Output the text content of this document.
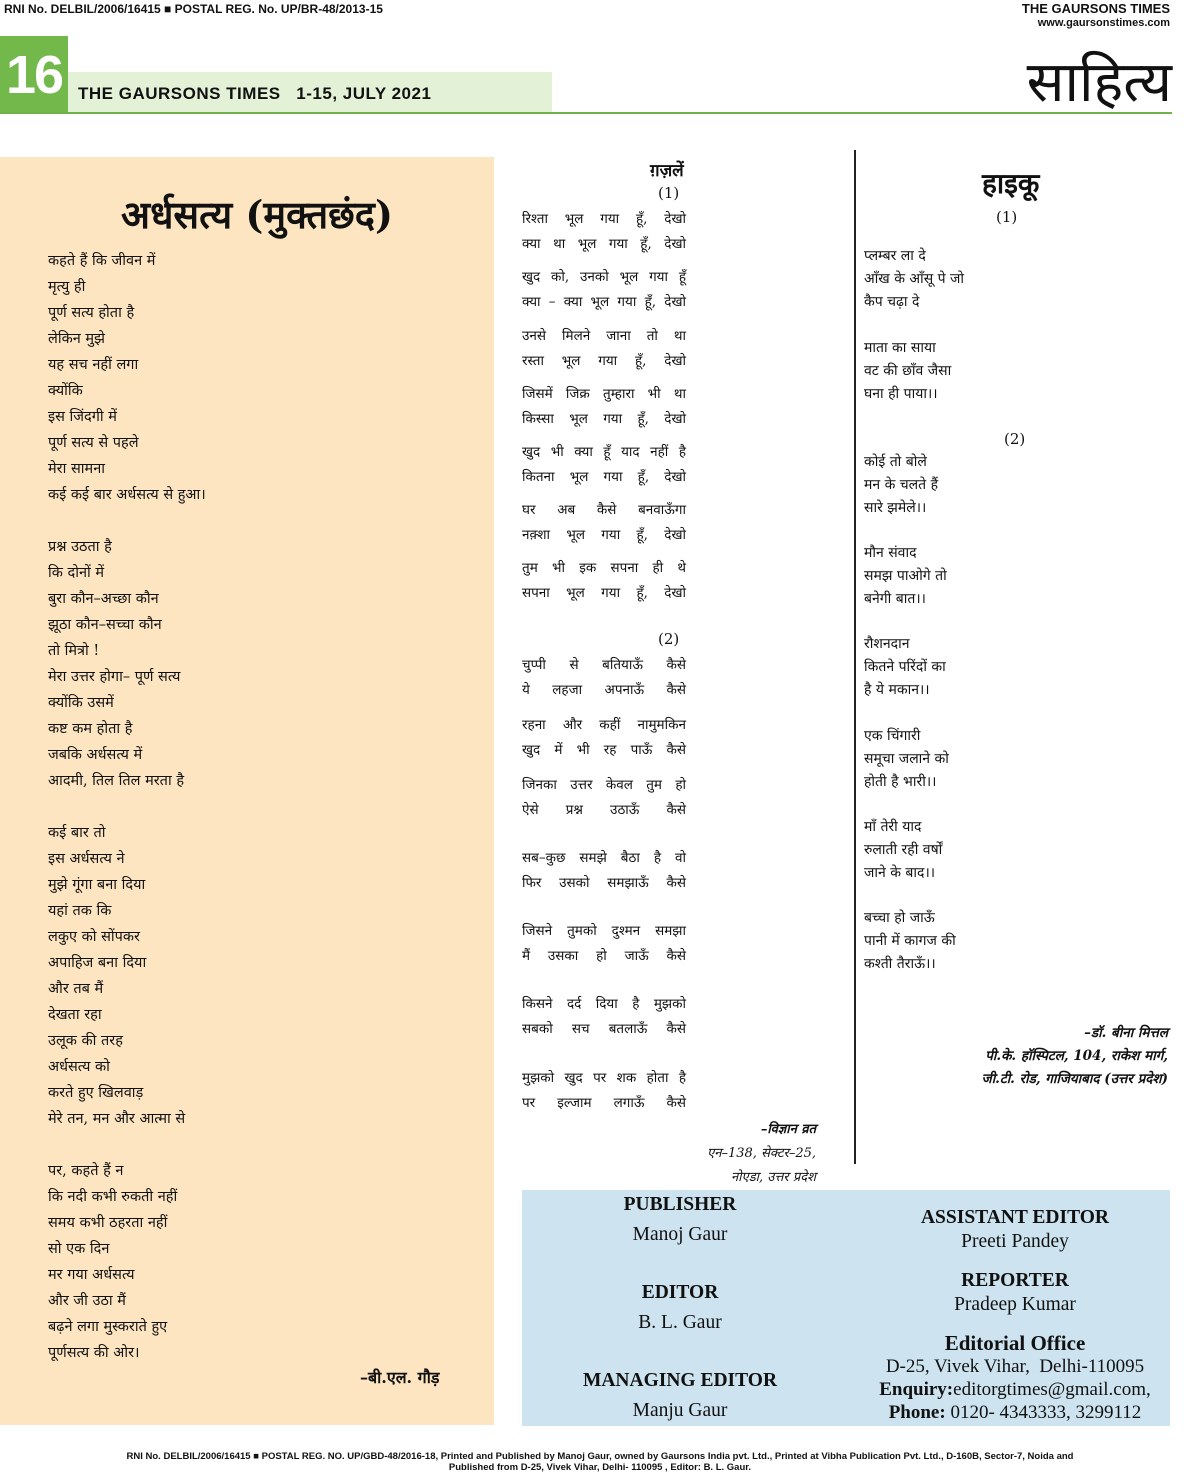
RNI No. DELBIL/2006/16415 ■ POSTAL REG. No. UP/BR-48/2013-15	THE GAURSONS TIMES
www.gaursonstimes.com
16 THE GAURSONS TIMES   1-15, JULY 2021	साहित्य
अर्धसत्य (मुक्तछंद)
कहते हैं कि जीवन में
मृत्यु ही
पूर्ण सत्य होता है
लेकिन मुझे
यह सच नहीं लगा
क्योंकि
इस जिंदगी में
पूर्ण सत्य से पहले
मेरा सामना
कई कई बार अर्धसत्य से हुआ।
प्रश्न उठता है
कि दोनों में
बुरा कौन–अच्छा कौन
झूठा कौन–सच्चा कौन
तो मित्रो !
मेरा उत्तर होगा– पूर्ण सत्य
क्योंकि उसमें
कष्ट कम होता है
जबकि अर्धसत्य में
आदमी, तिल तिल मरता है
कई बार तो
इस अर्धसत्य ने
मुझे गूंगा बना दिया
यहां तक कि
लकुए को सोंपकर
अपाहिज बना दिया
और तब मैं
देखता रहा
उलूक की तरह
अर्धसत्य को
करते हुए खिलवाड़
मेरे तन, मन और आत्मा से
पर, कहते हैं न
कि नदी कभी रुकती नहीं
समय कभी ठहरता नहीं
सो एक दिन
मर गया अर्धसत्य
और जी उठा मैं
बढ़ने लगा मुस्कराते हुए
पूर्णसत्य की ओर।
–बी.एल. गौड़
ग़ज़लें
(1)
रिश्ता भूल गया हूँ, देखो
क्या था भूल गया हूँ, देखो
खुद को, उनको भूल गया हूँ
क्या – क्या भूल गया हूँ, देखो
उनसे मिलने जाना तो था
रस्ता भूल गया हूँ, देखो
जिसमें जिक्र तुम्हारा भी था
किस्सा भूल गया हूँ, देखो
खुद भी क्या हूँ याद नहीं है
कितना भूल गया हूँ, देखो
घर अब कैसे बनवाऊँगा
नक़्शा भूल गया हूँ, देखो
तुम भी इक सपना ही थे
सपना भूल गया हूँ, देखो
(2)
चुप्पी से बतियाऊँ कैसे
ये लहजा अपनाऊँ कैसे
रहना और कहीं नामुमकिन
खुद में भी रह पाऊँ कैसे
जिनका उत्तर केवल तुम हो
ऐसे प्रश्न उठाऊँ कैसे
सब–कुछ समझे बैठा है वो
फिर उसको समझाऊँ कैसे
जिसने तुमको दुश्मन समझा
मैं उसका हो जाऊँ कैसे
किसने दर्द दिया है मुझको
सबको सच बतलाऊँ कैसे
मुझको खुद पर शक होता है
पर इल्जाम लगाऊँ कैसे
–विज्ञान व्रत
एन–138, सेक्टर–25,
नोएडा, उत्तर प्रदेश
हाइकू
(1)
प्लम्बर ला दे
आँख के आँसू पे जो
कैप चढ़ा दे
माता का साया
वट की छाँव जैसा
घना ही पाया।।
(2)
कोई तो बोले
मन के चलते हैं
सारे झमेले।।
मौन संवाद
समझ पाओगे तो
बनेगी बात।।
रौशनदान
कितने परिंदों का
है ये मकान।।
एक चिंगारी
समूचा जलाने को
होती है भारी।।
माँ तेरी याद
रुलाती रही वर्षों
जाने के बाद।।
बच्चा हो जाऊँ
पानी में कागज की
कश्ती तैराऊँ।।
–डॉ. बीना मित्तल
पी.के. हॉस्पिटल, 104, राकेश मार्ग,
जी.टी. रोड, गाजियाबाद (उत्तर प्रदेश)
PUBLISHER
Manoj Gaur
EDITOR
B. L. Gaur
MANAGING EDITOR
Manju Gaur
ASSISTANT EDITOR
Preeti Pandey
REPORTER
Pradeep Kumar
Editorial Office
D-25, Vivek Vihar,  Delhi-110095
Enquiry:editorgtimes@gmail.com,
Phone: 0120- 4343333, 3299112
RNI No. DELBIL/2006/16415 ■ POSTAL REG. NO. UP/GBD-48/2016-18, Printed and Published by Manoj Gaur, owned by Gaursons India pvt. Ltd., Printed at Vibha Publication Pvt. Ltd., D-160B, Sector-7, Noida and
Published from D-25, Vivek Vihar, Delhi- 110095 , Editor: B. L. Gaur.
